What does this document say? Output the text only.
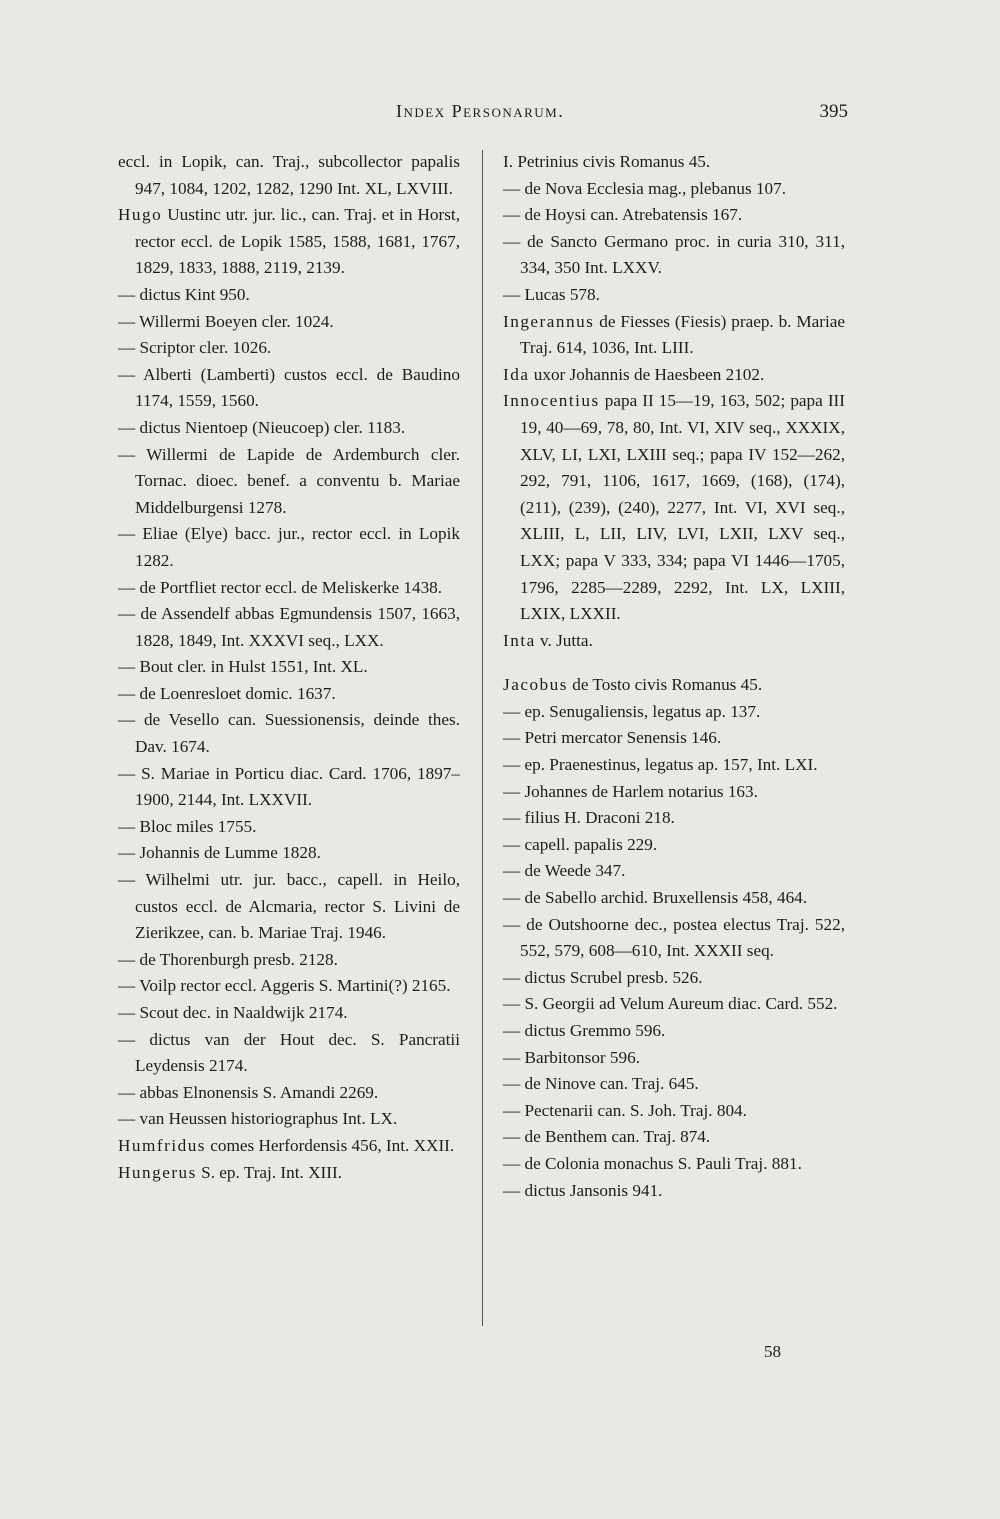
Index Personarum.	395
eccl. in Lopik, can. Traj., subcollector papalis 947, 1084, 1202, 1282, 1290 Int. XL, LXVIII.
Hugo Uustinc utr. jur. lic., can. Traj. et in Horst, rector eccl. de Lopik 1585, 1588, 1681, 1767, 1829, 1833, 1888, 2119, 2139.
— dictus Kint 950.
— Willermi Boeyen cler. 1024.
— Scriptor cler. 1026.
— Alberti (Lamberti) custos eccl. de Baudino 1174, 1559, 1560.
— dictus Nientoep (Nieucoep) cler. 1183.
— Willermi de Lapide de Ardemburch cler. Tornac. dioec. benef. a conventu b. Mariae Middelburgensi 1278.
— Eliae (Elye) bacc. jur., rector eccl. in Lopik 1282.
— de Portfliet rector eccl. de Meliskerke 1438.
— de Assendelf abbas Egmundensis 1507, 1663, 1828, 1849, Int. XXXVI seq., LXX.
— Bout cler. in Hulst 1551, Int. XL.
— de Loenresloet domic. 1637.
— de Vesello can. Suessionensis, deinde thes. Dav. 1674.
— S. Mariae in Porticu diac. Card. 1706, 1897–1900, 2144, Int. LXXVII.
— Bloc miles 1755.
— Johannis de Lumme 1828.
— Wilhelmi utr. jur. bacc., capell. in Heilo, custos eccl. de Alcmaria, rector S. Livini de Zierikzee, can. b. Mariae Traj. 1946.
— de Thorenburgh presb. 2128.
— Voilp rector eccl. Aggeris S. Martini(?) 2165.
— Scout dec. in Naaldwijk 2174.
— dictus van der Hout dec. S. Pancratii Leydensis 2174.
— abbas Elnonensis S. Amandi 2269.
— van Heussen historiographus Int. LX.
Humfridus comes Herfordensis 456, Int. XXII.
Hungerus S. ep. Traj. Int. XIII.
I. Petrinius civis Romanus 45.
— de Nova Ecclesia mag., plebanus 107.
— de Hoysi can. Atrebatensis 167.
— de Sancto Germano proc. in curia 310, 311, 334, 350 Int. LXXV.
— Lucas 578.
Ingerannus de Fiesses (Fiesis) praep. b. Mariae Traj. 614, 1036, Int. LIII.
Ida uxor Johannis de Haesbeen 2102.
Innocentius papa II 15—19, 163, 502; papa III 19, 40—69, 78, 80, Int. VI, XIV seq., XXXIX, XLV, LI, LXI, LXIII seq.; papa IV 152—262, 292, 791, 1106, 1617, 1669, (168), (174), (211), (239), (240), 2277, Int. VI, XVI seq., XLIII, L, LII, LIV, LVI, LXII, LXV seq., LXX; papa V 333, 334; papa VI 1446—1705, 1796, 2285—2289, 2292, Int. LX, LXIII, LXIX, LXXII.
Inta v. Jutta.
Jacobus de Tosto civis Romanus 45.
— ep. Senugaliensis, legatus ap. 137.
— Petri mercator Senensis 146.
— ep. Praenestinus, legatus ap. 157, Int. LXI.
— Johannes de Harlem notarius 163.
— filius H. Draconi 218.
— capell. papalis 229.
— de Weede 347.
— de Sabello archid. Bruxellensis 458, 464.
— de Outshoorne dec., postea electus Traj. 522, 552, 579, 608—610, Int. XXXII seq.
— dictus Scrubel presb. 526.
— S. Georgii ad Velum Aureum diac. Card. 552.
— dictus Gremmo 596.
— Barbitonsor 596.
— de Ninove can. Traj. 645.
— Pectenarii can. S. Joh. Traj. 804.
— de Benthem can. Traj. 874.
— de Colonia monachus S. Pauli Traj. 881.
— dictus Jansonis 941.
58
